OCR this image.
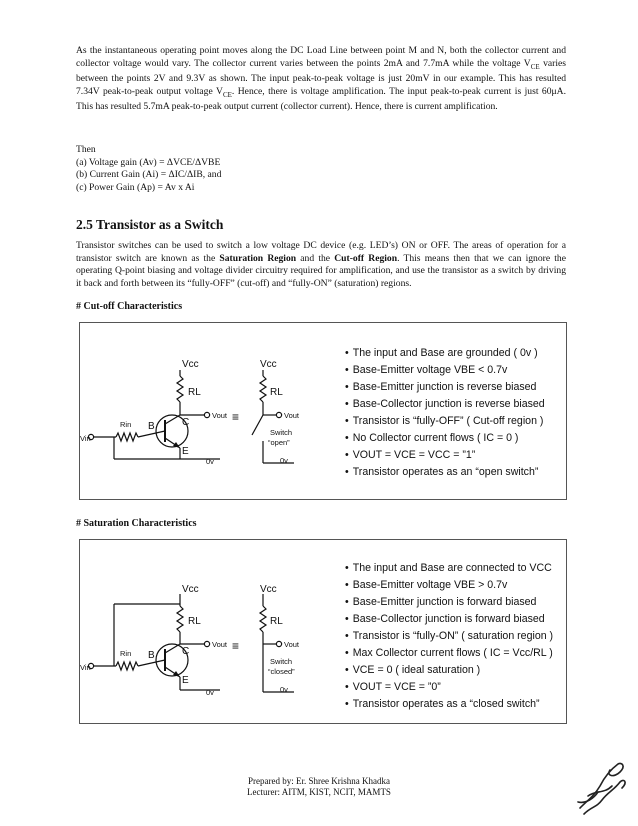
As the instantaneous operating point moves along the DC Load Line between point M and N, both the collector current and collector voltage would vary. The collector current varies between the points 2mA and 7.7mA while the voltage $V_{CE}$ varies between the points 2V and 9.3V as shown. The input peak-to-peak voltage is just 20mV in our example. This has resulted 7.34V peak-to-peak output voltage $V_{CE}$. Hence, there is voltage amplification. The input peak-to-peak current is just 60μA. This has resulted 5.7mA peak-to-peak output current (collector current). Hence, there is current amplification.

Then
(a) Voltage gain (Av) = ΔVCE/ΔVBE
(b) Current Gain (Ai) = ΔIC/ΔIB, and
(c) Power Gain (Ap) = Av x Ai
2.5 Transistor as a Switch

Transistor switches can be used to switch a low voltage DC device (e.g. LED’s) ON or OFF. The areas of operation for a transistor switch are known as the Saturation Region and the Cut-off Region. This means then that we can ignore the operating Q-point biasing and voltage divider circuitry required for amplification, and use the transistor as a switch by driving it back and forth between its “fully-OFF” (cut-off) and “fully-ON” (saturation) regions.

# Cut-off Characteristics
Vcc
RL
Vout
Rin
Vin
B	C
E
0v
≡
Vcc
RL
Vout
Switch
“open”
0v
• The input and Base are grounded ( 0v )
• Base-Emitter voltage VBE < 0.7v
• Base-Emitter junction is reverse biased
• Base-Collector junction is reverse biased
• Transistor is “fully-OFF” ( Cut-off region )
• No Collector current flows ( IC = 0 )
• VOUT = VCE = VCC = ”1”
• Transistor operates as an “open switch”
# Saturation Characteristics
Vcc
RL
Vout
Rin
Vin
B	C
E
0v
≡
Vcc
RL
Vout
Switch
“closed”
0v
• The input and Base are connected to VCC
• Base-Emitter voltage VBE > 0.7v
• Base-Emitter junction is forward biased
• Base-Collector junction is forward biased
• Transistor is “fully-ON” ( saturation region )
• Max Collector current flows ( IC = Vcc/RL )
• VCE = 0 ( ideal saturation )
• VOUT = VCE = ”0”
• Transistor operates as a “closed switch”
Prepared by: Er. Shree Krishna Khadka
Lecturer: AITM, KIST, NCIT, MAMTS
